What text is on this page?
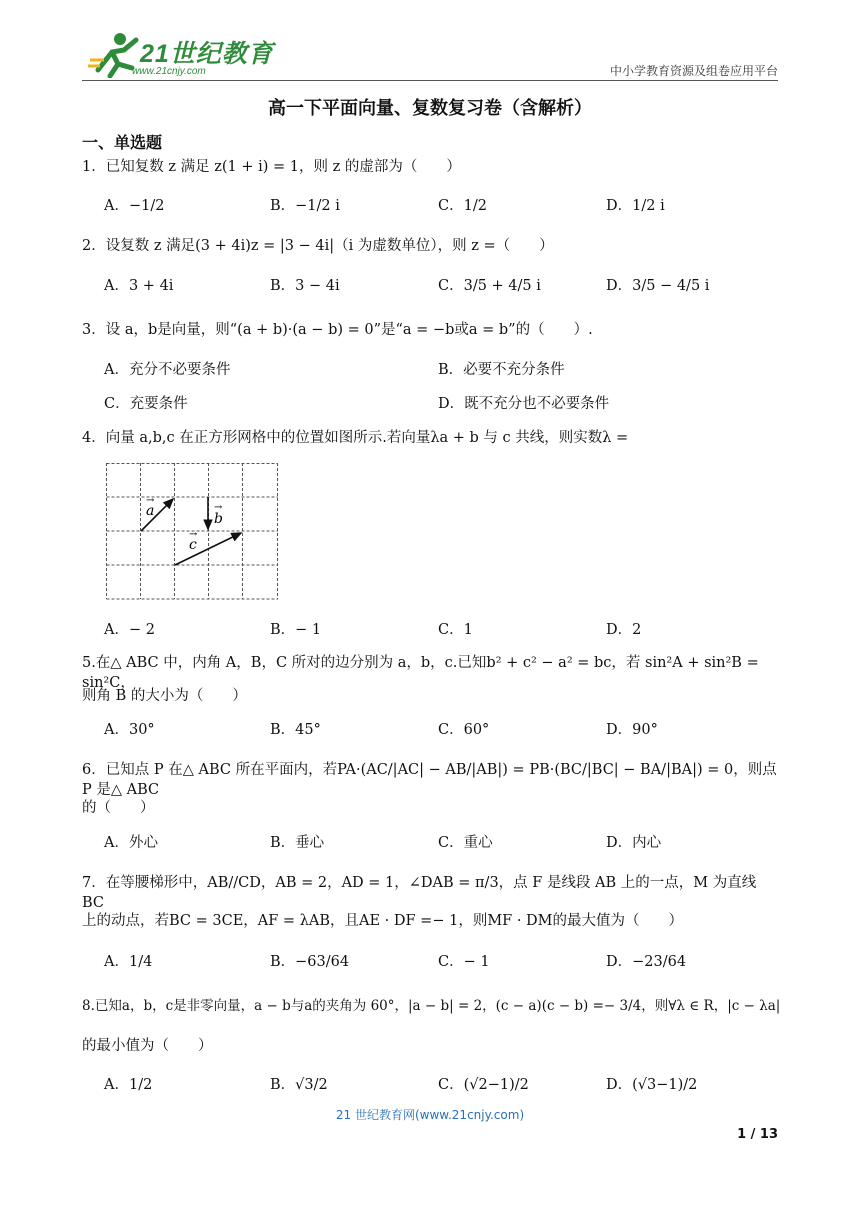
21世纪教育
www.21cnjy.com	中小学教育资源及组卷应用平台
高一下平面向量、复数复习卷（含解析）
一、单选题
1．已知复数 z 满足 z(1 + i) = 1，则 z 的虚部为（　　）
A．−1/2	B．−1/2 i	C．1/2	D．1/2 i
2．设复数 z 满足(3 + 4i)z = |3 − 4i|（i 为虚数单位），则 z =（　　）
A．3 + 4i	B．3 − 4i	C．3/5 + 4/5 i	D．3/5 − 4/5 i
3．设 a，b是向量，则“(a + b)·(a − b) = 0”是“a = −b或a = b”的（　　）.
A．充分不必要条件	B．必要不充分条件
C．充要条件	D．既不充分也不必要条件
4．向量 a,b,c 在正方形网格中的位置如图所示.若向量λa + b 与 c 共线，则实数λ =
a
→
b
→
c
→
A．− 2	B．− 1	C．1	D．2
5.在△ ABC 中，内角 A，B，C 所对的边分别为 a，b，c.已知b² + c² − a² = bc，若 sin²A + sin²B = sin²C，
则角 B 的大小为（　　）
A．30°	B．45°	C．60°	D．90°
6．已知点 P 在△ ABC 所在平面内，若PA·(AC/|AC| − AB/|AB|) = PB·(BC/|BC| − BA/|BA|) = 0，则点 P 是△ ABC
的（　　）
A．外心	B．垂心	C．重心	D．内心
7．在等腰梯形中，AB//CD，AB = 2，AD = 1，∠DAB = π/3，点 F 是线段 AB 上的一点，M 为直线 BC
上的动点，若BC = 3CE，AF = λAB，且AE · DF =− 1，则MF · DM的最大值为（　　）
A．1/4	B．−63/64	C．− 1	D．−23/64
8.已知a，b，c是非零向量，a − b与a的夹角为 60°，|a − b| = 2，(c − a)(c − b) =− 3/4，则∀λ ∈ R，|c − λa|
的最小值为（　　）
A．1/2	B．√3/2	C．(√2−1)/2	D．(√3−1)/2
21 世纪教育网(www.21cnjy.com)
1 / 13
